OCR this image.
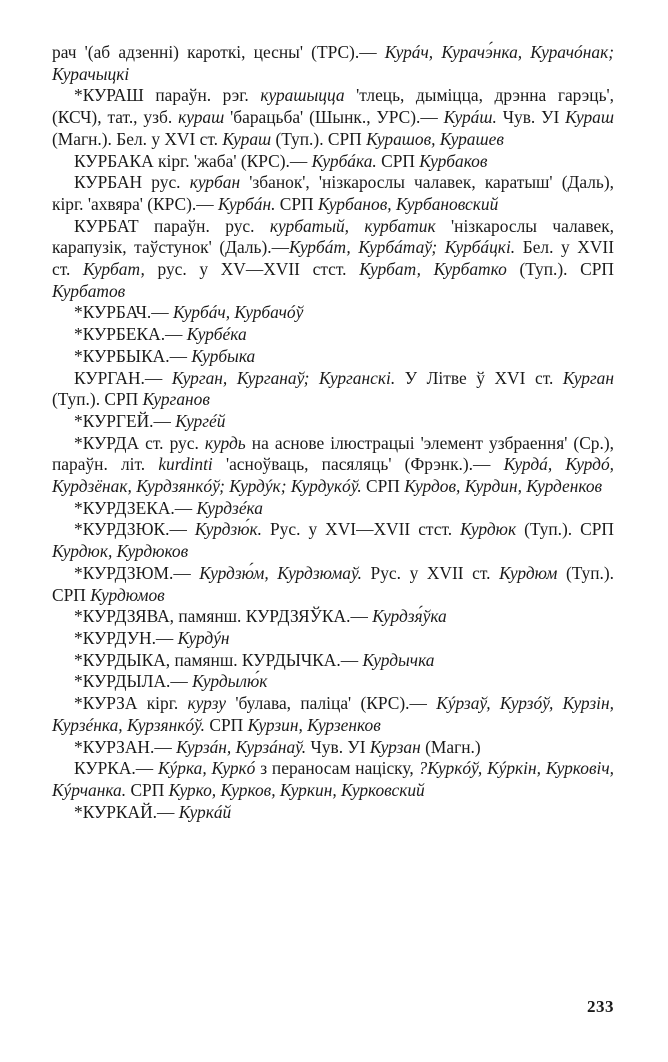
рач '(аб адзенні) кароткі, цесны' (ТРС).— Курáч, Курачэ́нка, Курачóнак; Курачыцкі

*КУРАШ параўн. рэг. курашыцца 'тлець, дыміцца, дрэнна гарэць', (КСЧ), тат., узб. кураш 'барацьба' (Шынк., УРС).— Курáш. Чув. УІ Кураш (Магн.). Бел. у XVI ст. Кураш (Туп.). СРП Курашов, Курашев

КУРБАКА кірг. 'жаба' (КРС).— Курбáка. СРП Курбаков

КУРБАН рус. курбан 'збанок', 'нізкарослы чалавек, каратыш' (Даль), кірг. 'ахвяра' (КРС).— Курбáн. СРП Курбанов, Курбановский

КУРБАТ параўн. рус. курбатый, курбатик 'нізкарослы чалавек, карапузік, таўстунок' (Даль).—Курбáт, Курбáтаў; Курбáцкі. Бел. у XVII ст. Курбат, рус. у XV—XVII стст. Курбат, Курбатко (Туп.). СРП Курбатов

*КУРБАЧ.— Курбáч, Курбачóў

*КУРБЕКА.— Курбéка

*КУРБЫКА.— Курбыка

КУРГАН.— Курган, Курганаў; Курганскі. У Літве ў XVI ст. Курган (Туп.). СРП Курганов

*КУРГЕЙ.— Кургéй

*КУРДА ст. рус. курдь на аснове ілюстрацыі 'элемент узбраення' (Ср.), параўн. літ. kurdinti 'аснoўваць, пасяляць' (Фрэнк.).— Курдá, Курдó, Курдзёнак, Курдзянкóў; Курдýк; Курдукóў. СРП Курдов, Курдин, Курденков

*КУРДЗЕКА.— Курдзéка

*КУРДЗЮК.— Курдзю́к. Рус. у XVI—XVII стст. Курдюк (Туп.). СРП Курдюк, Курдюков

*КУРДЗЮМ.— Курдзю́м, Курдзюмаў. Рус. у XVII ст. Курдюм (Туп.). СРП Курдюмов

*КУРДЗЯВА, памянш. КУРДЗЯЎКА.— Курдзя́ўка

*КУРДУН.— Курдýн

*КУРДЫКА, памянш. КУРДЫЧКА.— Курдычка

*КУРДЫЛА.— Курдылю́к

*КУРЗА кірг. курзу 'булава, паліца' (КРС).— Кýрзаў, Курзóў, Курзін, Курзéнка, Курзянкóў. СРП Курзин, Курзенков

*КУРЗАН.— Курзáн, Курзáнаў. Чув. УІ Курзан (Магн.)

КУРКА.— Кýрка, Куркó з пераносам націску, ?Куркóў, Кýркін, Курковіч, Кýрчанка. СРП Курко, Курков, Куркин, Курковский

*КУРКАЙ.— Куркáй

233
